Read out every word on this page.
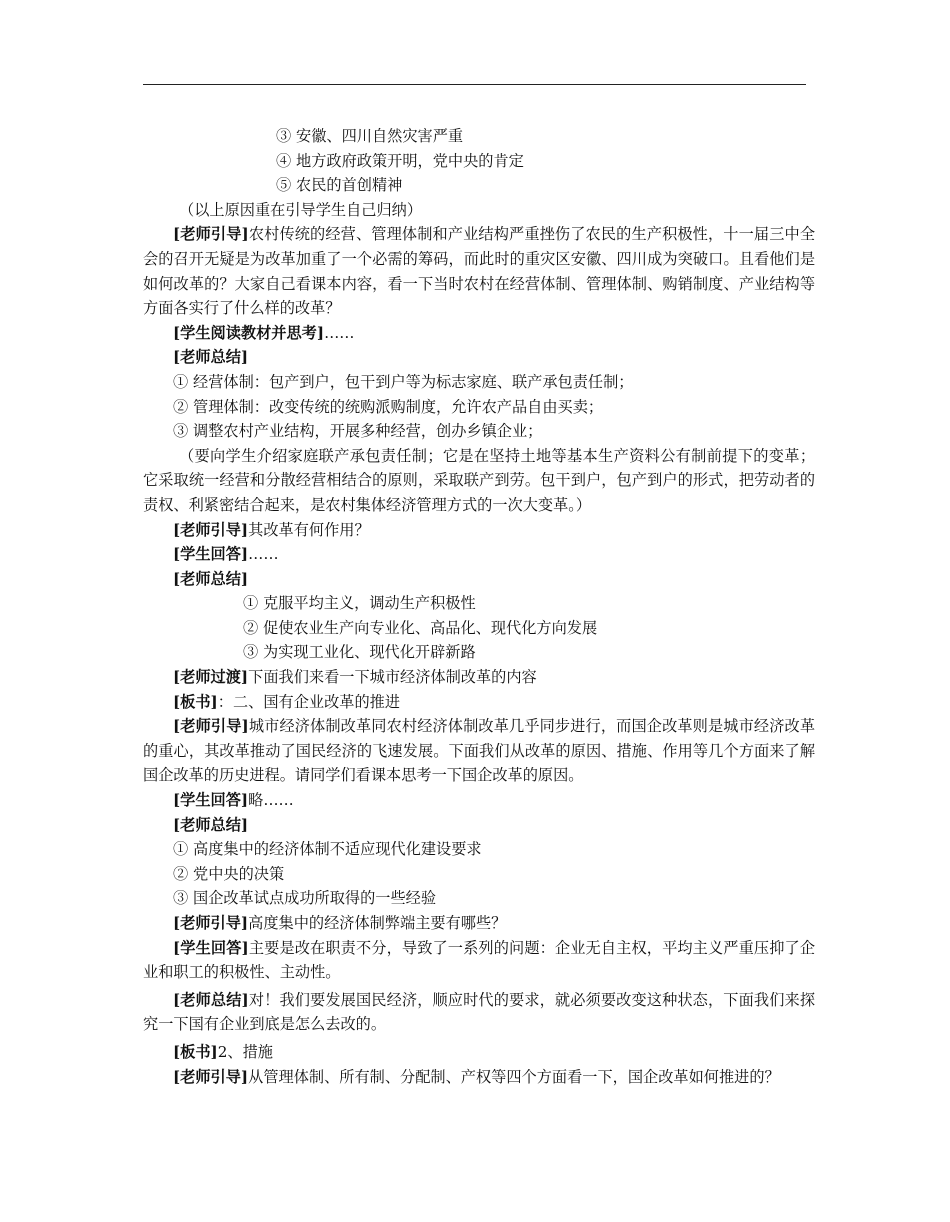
③ 安徽、四川自然灾害严重
④ 地方政府政策开明，党中央的肯定
⑤ 农民的首创精神
（以上原因重在引导学生自己归纳）
[老师引导]农村传统的经营、管理体制和产业结构严重挫伤了农民的生产积极性，十一届三中全会的召开无疑是为改革加重了一个必需的筹码，而此时的重灾区安徽、四川成为突破口。且看他们是如何改革的？大家自己看课本内容，看一下当时农村在经营体制、管理体制、购销制度、产业结构等方面各实行了什么样的改革？
[学生阅读教材并思考]……
[老师总结]
① 经营体制：包产到户，包干到户等为标志家庭、联产承包责任制；
② 管理体制：改变传统的统购派购制度，允许农产品自由买卖；
③ 调整农村产业结构，开展多种经营，创办乡镇企业；
（要向学生介绍家庭联产承包责任制；它是在坚持土地等基本生产资料公有制前提下的变革；它采取统一经营和分散经营相结合的原则，采取联产到劳。包干到户，包产到户的形式，把劳动者的责权、利紧密结合起来，是农村集体经济管理方式的一次大变革。）
[老师引导]其改革有何作用？
[学生回答]……
[老师总结]
① 克服平均主义，调动生产积极性
② 促使农业生产向专业化、高品化、现代化方向发展
③ 为实现工业化、现代化开辟新路
[老师过渡]下面我们来看一下城市经济体制改革的内容
[板书]：二、国有企业改革的推进
[老师引导]城市经济体制改革同农村经济体制改革几乎同步进行，而国企改革则是城市经济改革的重心，其改革推动了国民经济的飞速发展。下面我们从改革的原因、措施、作用等几个方面来了解国企改革的历史进程。请同学们看课本思考一下国企改革的原因。
[学生回答]略……
[老师总结]
① 高度集中的经济体制不适应现代化建设要求
② 党中央的决策
③ 国企改革试点成功所取得的一些经验
[老师引导]高度集中的经济体制弊端主要有哪些？
[学生回答]主要是改在职责不分，导致了一系列的问题：企业无自主权，平均主义严重压抑了企业和职工的积极性、主动性。
[老师总结]对！我们要发展国民经济，顺应时代的要求，就必须要改变这种状态，下面我们来探究一下国有企业到底是怎么去改的。
[板书]2、措施
[老师引导]从管理体制、所有制、分配制、产权等四个方面看一下，国企改革如何推进的？
